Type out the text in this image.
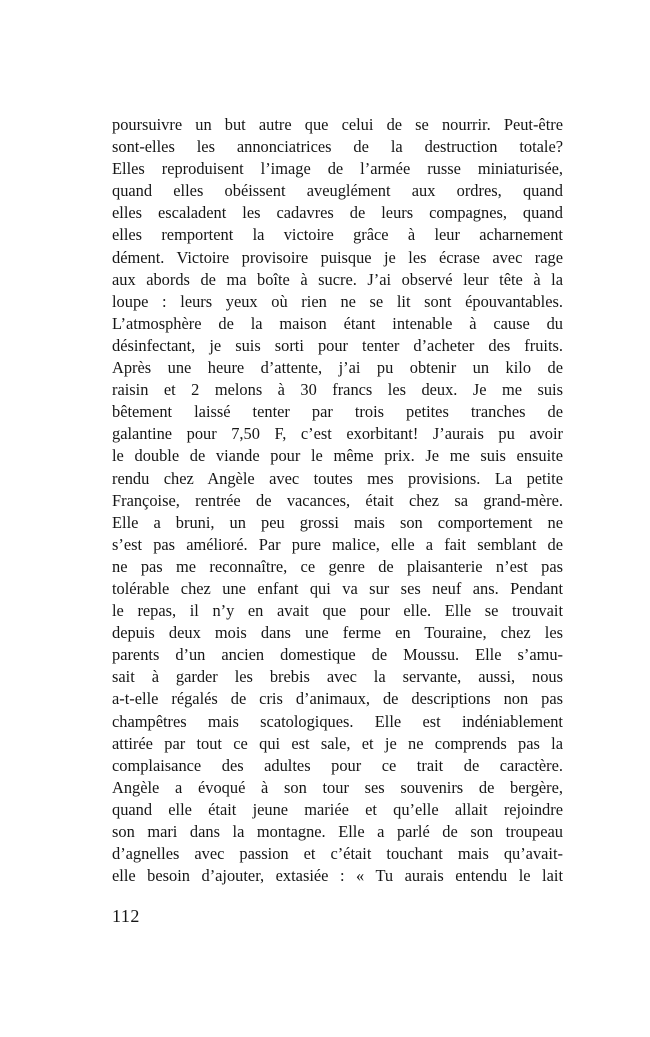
poursuivre un but autre que celui de se nourrir. Peut-être
sont-elles les annonciatrices de la destruction totale?
Elles reproduisent l’image de l’armée russe miniaturisée,
quand elles obéissent aveuglément aux ordres, quand
elles escaladent les cadavres de leurs compagnes, quand
elles remportent la victoire grâce à leur acharnement
dément. Victoire provisoire puisque je les écrase avec rage
aux abords de ma boîte à sucre. J’ai observé leur tête à la
loupe : leurs yeux où rien ne se lit sont épouvantables.
L’atmosphère de la maison étant intenable à cause du
désinfectant, je suis sorti pour tenter d’acheter des fruits.
Après une heure d’attente, j’ai pu obtenir un kilo de
raisin et 2 melons à 30 francs les deux. Je me suis
bêtement laissé tenter par trois petites tranches de
galantine pour 7,50 F, c’est exorbitant! J’aurais pu avoir
le double de viande pour le même prix. Je me suis ensuite
rendu chez Angèle avec toutes mes provisions. La petite
Françoise, rentrée de vacances, était chez sa grand-mère.
Elle a bruni, un peu grossi mais son comportement ne
s’est pas amélioré. Par pure malice, elle a fait semblant de
ne pas me reconnaître, ce genre de plaisanterie n’est pas
tolérable chez une enfant qui va sur ses neuf ans. Pendant
le repas, il n’y en avait que pour elle. Elle se trouvait
depuis deux mois dans une ferme en Touraine, chez les
parents d’un ancien domestique de Moussu. Elle s’amu-
sait à garder les brebis avec la servante, aussi, nous
a-t-elle régalés de cris d’animaux, de descriptions non pas
champêtres mais scatologiques. Elle est indéniablement
attirée par tout ce qui est sale, et je ne comprends pas la
complaisance des adultes pour ce trait de caractère.
Angèle a évoqué à son tour ses souvenirs de bergère,
quand elle était jeune mariée et qu’elle allait rejoindre
son mari dans la montagne. Elle a parlé de son troupeau
d’agnelles avec passion et c’était touchant mais qu’avait-
elle besoin d’ajouter, extasiée : « Tu aurais entendu le lait
112
